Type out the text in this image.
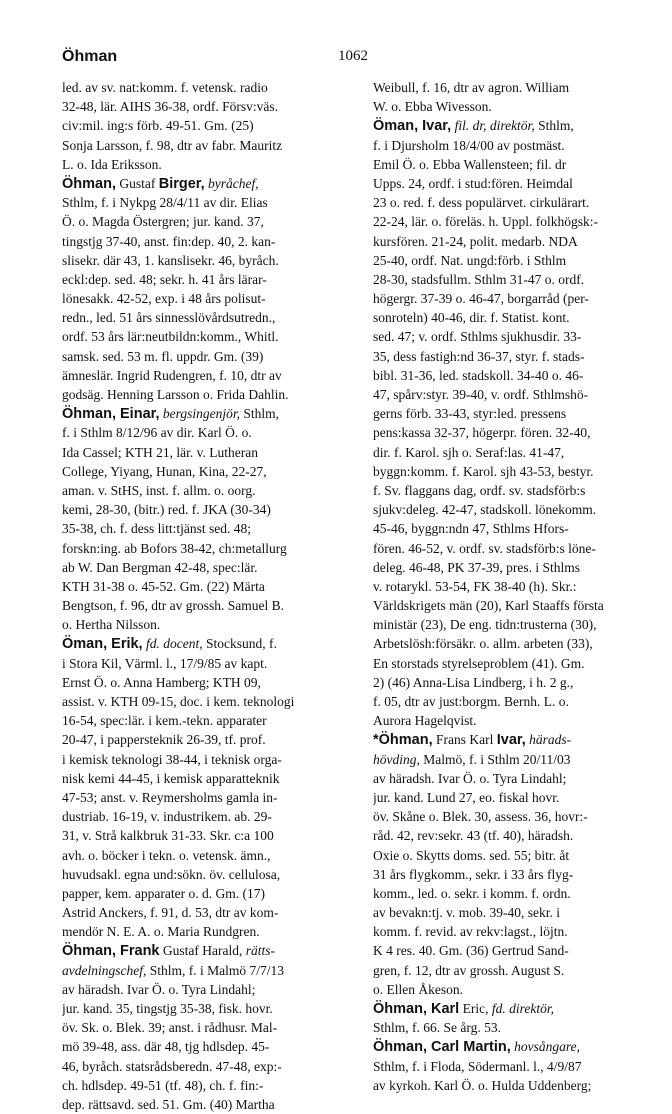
1062
Öhman
led. av sv. nat:komm. f. vetensk. radio
32-48, lär. AIHS 36-38, ordf. Försv:väs.
civ:mil. ing:s förb. 49-51. Gm. (25)
Sonja Larsson, f. 98, dtr av fabr. Mauritz
L. o. Ida Eriksson.
Öhman, Gustaf Birger, byråchef,
Sthlm, f. i Nykpg 28/4/11 av dir. Elias
Ö. o. Magda Östergren; jur. kand. 37,
tingstjg 37-40, anst. fin:dep. 40, 2. kan-
slisekr. där 43, 1. kanslisekr. 46, byråch.
eckl:dep. sed. 48; sekr. h. 41 års lärar-
lönesakk. 42-52, exp. i 48 års polisut-
redn., led. 51 års sinnesslövårdsutredn.,
ordf. 53 års lär:neutbildn:komm., Whitl.
samsk. sed. 53 m. fl. uppdr. Gm. (39)
ämneslär. Ingrid Rudengren, f. 10, dtr av
godsäg. Henning Larsson o. Frida Dahlin.
Öhman, Einar, bergsingenjör, Sthlm,
f. i Sthlm 8/12/96 av dir. Karl Ö. o.
Ida Cassel; KTH 21, lär. v. Lutheran
College, Yiyang, Hunan, Kina, 22-27,
aman. v. StHS, inst. f. allm. o. oorg.
kemi, 28-30, (bitr.) red. f. JKA (30-34)
35-38, ch. f. dess litt:tjänst sed. 48;
forskn:ing. ab Bofors 38-42, ch:metallurg
ab W. Dan Bergman 42-48, spec:lär.
KTH 31-38 o. 45-52. Gm. (22) Märta
Bengtson, f. 96, dtr av grossh. Samuel B.
o. Hertha Nilsson.
Öman, Erik, fd. docent, Stocksund, f.
i Stora Kil, Värml. l., 17/9/85 av kapt.
Ernst Ö. o. Anna Hamberg; KTH 09,
assist. v. KTH 09-15, doc. i kem. teknologi
16-54, spec:lär. i kem.-tekn. apparater
20-47, i pappersteknik 26-39, tf. prof.
i kemisk teknologi 38-44, i teknisk orga-
nisk kemi 44-45, i kemisk apparatteknik
47-53; anst. v. Reymersholms gamla in-
dustriab. 16-19, v. industrikem. ab. 29-
31, v. Strå kalkbruk 31-33. Skr. c:a 100
avh. o. böcker i tekn. o. vetensk. ämn.,
huvudsakl. egna und:sökn. öv. cellulosa,
papper, kem. apparater o. d. Gm. (17)
Astrid Anckers, f. 91, d. 53, dtr av kom-
mendör N. E. A. o. Maria Rundgren.
Öhman, Frank Gustaf Harald, rätts-
avdelningschef, Sthlm, f. i Malmö 7/7/13
av häradsh. Ivar Ö. o. Tyra Lindahl;
jur. kand. 35, tingstjg 35-38, fisk. hovr.
öv. Sk. o. Blek. 39; anst. i rådhusr. Mal-
mö 39-48, ass. där 48, tjg hdlsdep. 45-
46, byråch. statsrådsberedn. 47-48, exp:-
ch. hdlsdep. 49-51 (tf. 48), ch. f. fin:-
dep. rättsavd. sed. 51. Gm. (40) Martha
Weibull, f. 16, dtr av agron. William
W. o. Ebba Wivesson.
Öman, Ivar, fil. dr, direktör, Sthlm,
f. i Djursholm 18/4/00 av postmäst.
Emil Ö. o. Ebba Wallensteen; fil. dr
Upps. 24, ordf. i stud:fören. Heimdal
23 o. red. f. dess populärvet. cirkulärart.
22-24, lär. o. föreläs. h. Uppl. folkhögsk:-
kursfören. 21-24, polit. medarb. NDA
25-40, ordf. Nat. ungd:förb. i Sthlm
28-30, stadsfullm. Sthlm 31-47 o. ordf.
högergr. 37-39 o. 46-47, borgarråd (per-
sonroteln) 40-46, dir. f. Statist. kont.
sed. 47; v. ordf. Sthlms sjukhusdir. 33-
35, dess fastigh:nd 36-37, styr. f. stads-
bibl. 31-36, led. stadskoll. 34-40 o. 46-
47, spårv:styr. 39-40, v. ordf. Sthlmshö-
gerns förb. 33-43, styr:led. pressens
pens:kassa 32-37, högerpr. fören. 32-40,
dir. f. Karol. sjh o. Seraf:las. 41-47,
byggn:komm. f. Karol. sjh 43-53, bestyr.
f. Sv. flaggans dag, ordf. sv. stadsförb:s
sjukv:deleg. 42-47, stadskoll. lönekomm.
45-46, byggn:ndn 47, Sthlms Hfors-
fören. 46-52, v. ordf. sv. stadsförb:s löne-
deleg. 46-48, PK 37-39, pres. i Sthlms
v. rotarykl. 53-54, FK 38-40 (h). Skr.:
Världskrigets män (20), Karl Staaffs första
ministär (23), De eng. tidn:trusterna (30),
Arbetslösh:försäkr. o. allm. arbeten (33),
En storstads styrelseproblem (41). Gm.
2) (46) Anna-Lisa Lindberg, i h. 2 g.,
f. 05, dtr av just:borgm. Bernh. L. o.
Aurora Hagelqvist.
*Öhman, Frans Karl Ivar, härads-
hövding, Malmö, f. i Sthlm 20/11/03
av häradsh. Ivar Ö. o. Tyra Lindahl;
jur. kand. Lund 27, eo. fiskal hovr.
öv. Skåne o. Blek. 30, assess. 36, hovr:-
råd. 42, rev:sekr. 43 (tf. 40), häradsh.
Oxie o. Skytts doms. sed. 55; bitr. åt
31 års flygkomm., sekr. i 33 års flyg-
komm., led. o. sekr. i komm. f. ordn.
av bevakn:tj. v. mob. 39-40, sekr. i
komm. f. revid. av rekv:lagst., löjtn.
K 4 res. 40. Gm. (36) Gertrud Sand-
gren, f. 12, dtr av grossh. August S.
o. Ellen Åkeson.
Öhman, Karl Eric, fd. direktör,
Sthlm, f. 66. Se årg. 53.
Öhman, Carl Martin, hovsångare,
Sthlm, f. i Floda, Södermanl. l., 4/9/87
av kyrkoh. Karl Ö. o. Hulda Uddenberg;
